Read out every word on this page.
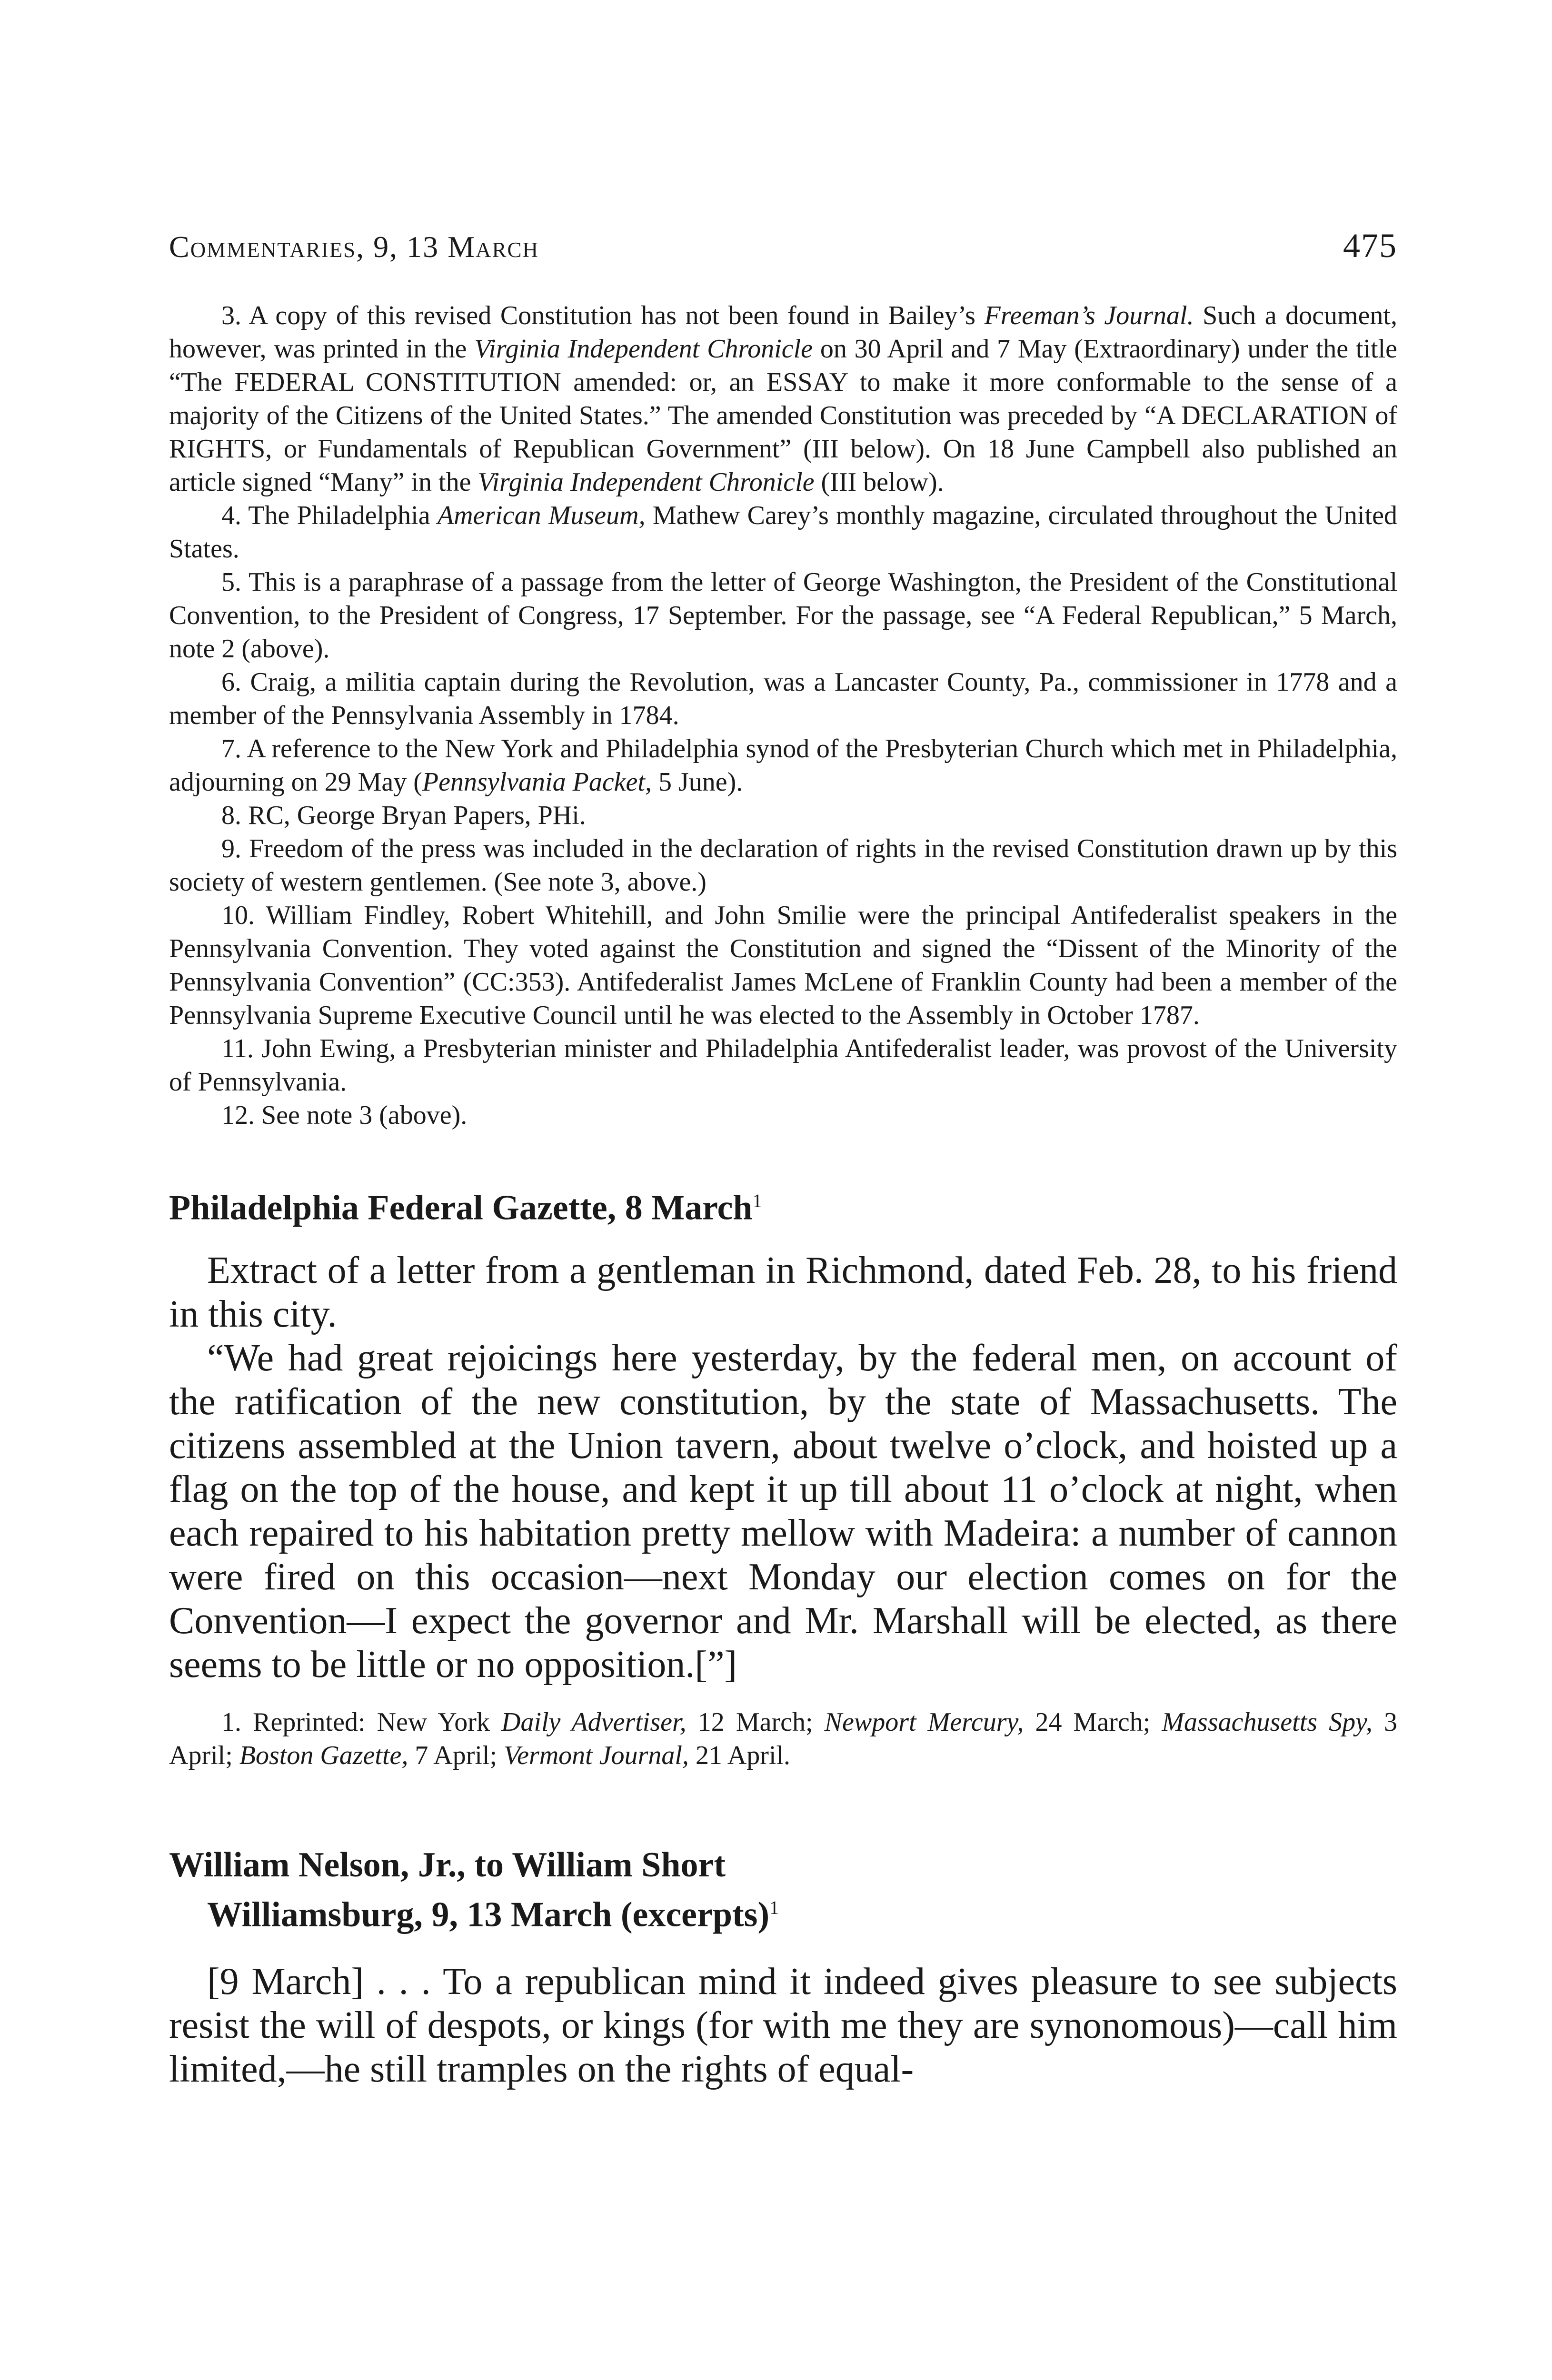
Commentaries, 9, 13 March	475

3. A copy of this revised Constitution has not been found in Bailey’s Freeman’s Journal. Such a document, however, was printed in the Virginia Independent Chronicle on 30 April and 7 May (Extraordinary) under the title “The FEDERAL CONSTITUTION amended: or, an ESSAY to make it more conformable to the sense of a majority of the Citizens of the United States.” The amended Constitution was preceded by “A DECLARATION of RIGHTS, or Fundamentals of Republican Government” (III below). On 18 June Campbell also published an article signed “Many” in the Virginia Independent Chronicle (III below).

4. The Philadelphia American Museum, Mathew Carey’s monthly magazine, circulated throughout the United States.

5. This is a paraphrase of a passage from the letter of George Washington, the President of the Constitutional Convention, to the President of Congress, 17 September. For the passage, see “A Federal Republican,” 5 March, note 2 (above).

6. Craig, a militia captain during the Revolution, was a Lancaster County, Pa., commissioner in 1778 and a member of the Pennsylvania Assembly in 1784.

7. A reference to the New York and Philadelphia synod of the Presbyterian Church which met in Philadelphia, adjourning on 29 May (Pennsylvania Packet, 5 June).

8. RC, George Bryan Papers, PHi.

9. Freedom of the press was included in the declaration of rights in the revised Constitution drawn up by this society of western gentlemen. (See note 3, above.)

10. William Findley, Robert Whitehill, and John Smilie were the principal Antifederalist speakers in the Pennsylvania Convention. They voted against the Constitution and signed the “Dissent of the Minority of the Pennsylvania Convention” (CC:353). Antifederalist James McLene of Franklin County had been a member of the Pennsylvania Supreme Executive Council until he was elected to the Assembly in October 1787.

11. John Ewing, a Presbyterian minister and Philadelphia Antifederalist leader, was provost of the University of Pennsylvania.

12. See note 3 (above).

Philadelphia Federal Gazette, 8 March$^1$

Extract of a letter from a gentleman in Richmond, dated Feb. 28, to his friend in this city.

“We had great rejoicings here yesterday, by the federal men, on account of the ratification of the new constitution, by the state of Massachusetts. The citizens assembled at the Union tavern, about twelve o’clock, and hoisted up a flag on the top of the house, and kept it up till about 11 o’clock at night, when each repaired to his habitation pretty mellow with Madeira: a number of cannon were fired on this occasion—next Monday our election comes on for the Convention—I expect the governor and Mr. Marshall will be elected, as there seems to be little or no opposition.[”]

1. Reprinted: New York Daily Advertiser, 12 March; Newport Mercury, 24 March; Massachusetts Spy, 3 April; Boston Gazette, 7 April; Vermont Journal, 21 April.

William Nelson, Jr., to William Short
Williamsburg, 9, 13 March (excerpts)$^1$

[9 March] . . . To a republican mind it indeed gives pleasure to see subjects resist the will of despots, or kings (for with me they are synonomous)—call him limited,—he still tramples on the rights of equal-
